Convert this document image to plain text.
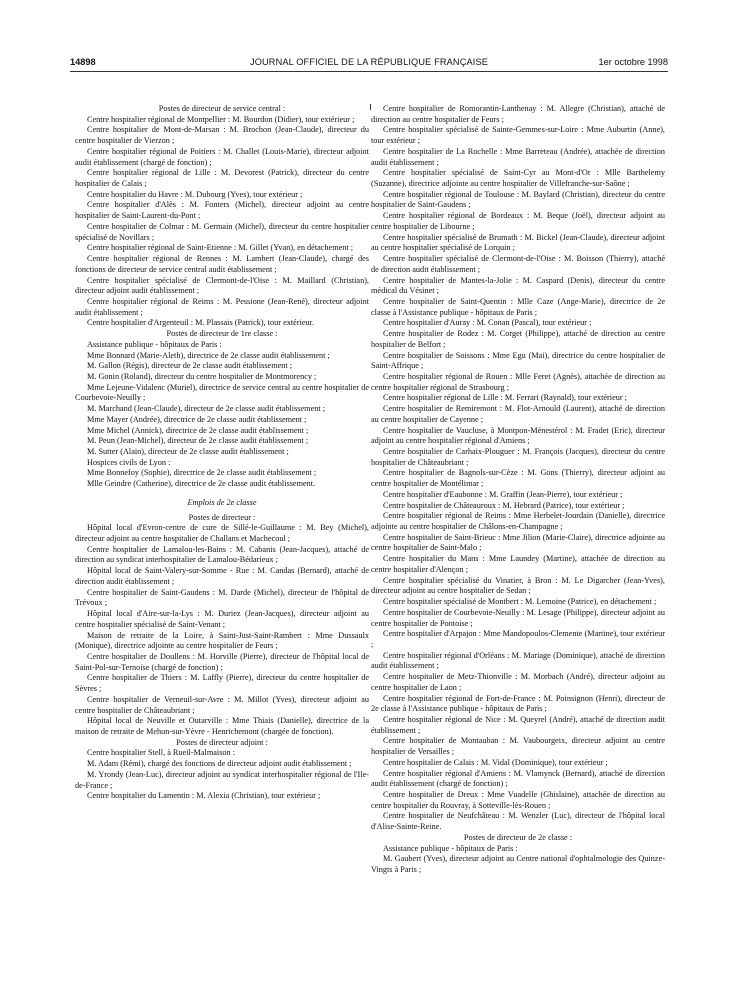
14898	JOURNAL OFFICIEL DE LA RÉPUBLIQUE FRANÇAISE	1er octobre 1998

Postes de directeur de service central :

Centre hospitalier régional de Montpellier : M. Bourdon (Didier), tour extérieur ;

Centre hospitalier de Mont-de-Marsan : M. Brochon (Jean-Claude), directeur du centre hospitalier de Vierzon ;

Centre hospitalier régional de Poitiers : M. Challet (Louis-Marie), directeur adjoint audit établissement (chargé de fonction) ;

Centre hospitalier régional de Lille : M. Devorest (Patrick), directeur du centre hospitalier de Calais ;

Centre hospitalier du Havre : M. Dubourg (Yves), tour extérieur ;

Centre hospitalier d'Alès : M. Fonters (Michel), directeur adjoint au centre hospitalier de Saint-Laurent-du-Pont ;

Centre hospitalier de Colmar : M. Germain (Michel), directeur du centre hospitalier spécialisé de Novillars ;

Centre hospitalier régional de Saint-Etienne : M. Gillet (Yvan), en détachement ;

Centre hospitalier régional de Rennes : M. Lambert (Jean-Claude), chargé des fonctions de directeur de service central audit établissement ;

Centre hospitalier spécialisé de Clermont-de-l'Oise : M. Maillard (Christian), directeur adjoint audit établissement ;

Centre hospitalier régional de Reims : M. Pessione (Jean-René), directeur adjoint audit établissement ;

Centre hospitalier d'Argenteuil : M. Plassais (Patrick), tour extérieur.

Postes de directeur de 1re classe :

Assistance publique - hôpitaux de Paris :

Mme Bonnard (Marie-Aleth), directrice de 2e classe audit établissement ;

M. Gallon (Régis), directeur de 2e classe audit établissement ;

M. Gonin (Roland), directeur du centre hospitalier de Montmorency ;

Mme Lejeune-Vidalenc (Muriel), directrice de service central au centre hospitalier de Courbevoie-Neuilly ;

M. Marchand (Jean-Claude), directeur de 2e classe audit établissement ;

Mme Mayer (Andrée), directrice de 2e classe audit établissement ;

Mme Michel (Annick), directrice de 2e classe audit établissement ;

M. Peun (Jean-Michel), directeur de 2e classe audit établissement ;

M. Sutter (Alain), directeur de 2e classe audit établissement ;

Hospices civils de Lyon :

Mme Bonnefoy (Sophie), directrice de 2e classe audit établissement ;

Mlle Geindre (Catherine), directrice de 2e classe audit établissement.

Emplois de 2e classe

Postes de directeur :

Hôpital local d'Evron-centre de cure de Sillé-le-Guillaume : M. Bey (Michel), directeur adjoint au centre hospitalier de Challans et Machecoul ;

Centre hospitalier de Lamalou-les-Bains : M. Cabanis (Jean-Jacques), attaché de direction au syndicat interhospitalier de Lamalou-Bédarieux ;

Hôpital local de Saint-Valery-sur-Somme - Rue : M. Candas (Bernard), attaché de direction audit établissement ;

Centre hospitalier de Saint-Gaudens : M. Darde (Michel), directeur de l'hôpital de Trévoux ;

Hôpital local d'Aire-sur-la-Lys : M. Duriez (Jean-Jacques), directeur adjoint au centre hospitalier spécialisé de Saint-Venant ;

Maison de retraite de la Loire, à Saint-Just-Saint-Rambert : Mme Dussaulx (Monique), directrice adjointe au centre hospitalier de Feurs ;

Centre hospitalier de Doullens : M. Horville (Pierre), directeur de l'hôpital local de Saint-Pol-sur-Ternoise (chargé de fonction) ;

Centre hospitalier de Thiers : M. Laffly (Pierre), directeur du centre hospitalier de Sèvres ;

Centre hospitalier de Verneuil-sur-Avre : M. Millot (Yves), directeur adjoint au centre hospitalier de Châteaubriant ;

Hôpital local de Neuville et Outarville : Mme Thiais (Danielle), directrice de la maison de retraite de Mehun-sur-Yèvre - Henrichemont (chargée de fonction).

Postes de directeur adjoint :

Centre hospitalier Stell, à Rueil-Malmaison :

M. Adam (Rémi), chargé des fonctions de directeur adjoint audit établissement ;

M. Yrondy (Jean-Luc), directeur adjoint au syndicat interhospitalier régional de l'Ile-de-France ;

Centre hospitalier du Lamentin : M. Alexia (Christian), tour extérieur ;

Centre hospitalier de Romorantin-Lanthenay : M. Allegre (Christian), attaché de direction au centre hospitalier de Feurs ;

Centre hospitalier spécialisé de Sainte-Gemmes-sur-Loire : Mme Auburtin (Anne), tour extérieur ;

Centre hospitalier de La Rochelle : Mme Barreteau (Andrée), attachée de direction audit établissement ;

Centre hospitalier spécialisé de Saint-Cyr au Mont-d'Or : Mlle Barthelemy (Suzanne), directrice adjointe au centre hospitalier de Villefranche-sur-Saône ;

Centre hospitalier régional de Toulouse : M. Baylard (Christian), directeur du centre hospitalier de Saint-Gaudens ;

Centre hospitalier régional de Bordeaux : M. Beque (Joël), directeur adjoint au centre hospitalier de Libourne ;

Centre hospitalier spécialisé de Brumath : M. Bickel (Jean-Claude), directeur adjoint au centre hospitalier spécialisé de Lorquin ;

Centre hospitalier spécialisé de Clermont-de-l'Oise : M. Boisson (Thierry), attaché de direction audit établissement ;

Centre hospitalier de Mantes-la-Jolie : M. Caspard (Denis), directeur du centre médical du Vésinet ;

Centre hospitalier de Saint-Quentin : Mlle Caze (Ange-Marie), directrice de 2e classe à l'Assistance publique - hôpitaux de Paris ;

Centre hospitalier d'Auray : M. Conan (Pascal), tour extérieur ;

Centre hospitalier de Rodez : M. Corget (Philippe), attaché de direction au centre hospitalier de Belfort ;

Centre hospitalier de Soissons : Mme Egu (Mai), directrice du centre hospitalier de Saint-Affrique ;

Centre hospitalier régional de Rouen : Mlle Feret (Agnès), attachée de direction au centre hospitalier régional de Strasbourg ;

Centre hospitalier régional de Lille : M. Ferrari (Raynald), tour extérieur ;

Centre hospitalier de Remiremont : M. Flot-Arnould (Laurent), attaché de direction au centre hospitalier de Cayenne ;

Centre hospitalier de Vaucluse, à Montpon-Ménestérol : M. Fradet (Eric), directeur adjoint au centre hospitalier régional d'Amiens ;

Centre hospitalier de Carhaix-Plouguer : M. François (Jacques), directeur du centre hospitalier de Châteaubriant ;

Centre hospitalier de Bagnols-sur-Cèze : M. Gons (Thierry), directeur adjoint au centre hospitalier de Montélimar ;

Centre hospitalier d'Eaubonne : M. Graffin (Jean-Pierre), tour extérieur ;

Centre hospitalier de Châteauroux : M. Hebrard (Patrice), tour extérieur ;

Centre hospitalier régional de Reims : Mme Herbelet-Jourdain (Danielle), directrice adjointe au centre hospitalier de Châlons-en-Champagne ;

Centre hospitalier de Saint-Brieuc : Mme Jilion (Marie-Claire), directrice adjointe au centre hospitalier de Saint-Malo ;

Centre hospitalier du Mans : Mme Laundey (Martine), attachée de direction au centre hospitalier d'Alençon ;

Centre hospitalier spécialisé du Vinatier, à Bron : M. Le Digarcher (Jean-Yves), directeur adjoint au centre hospitalier de Sedan ;

Centre hospitalier spécialisé de Montbert : M. Lemoine (Patrice), en détachement ;

Centre hospitalier de Courbevoie-Neuilly : M. Lesage (Philippe), directeur adjoint au centre hospitalier de Pontoise ;

Centre hospitalier d'Arpajon : Mme Mandopoulos-Clemente (Martine), tour extérieur ;

Centre hospitalier régional d'Orléans : M. Mariage (Dominique), attaché de direction audit établissement ;

Centre hospitalier de Metz-Thionville : M. Morbach (André), directeur adjoint au centre hospitalier de Laon ;

Centre hospitalier régional de Fort-de-France : M. Poinsignon (Henri), directeur de 2e classe à l'Assistance publique - hôpitaux de Paris ;

Centre hospitalier régional de Nice : M. Queyrel (André), attaché de direction audit établissement ;

Centre hospitalier de Montauban : M. Vaubourgeix, directeur adjoint au centre hospitalier de Versailles ;

Centre hospitalier de Calais : M. Vidal (Dominique), tour extérieur ;

Centre hospitalier régional d'Amiens : M. Vlamynck (Bernard), attaché de direction audit établissement (chargé de fonction) ;

Centre hospitalier de Dreux : Mme Vuadelle (Ghislaine), attachée de direction au centre hospitalier du Rouvray, à Sotteville-lès-Rouen ;

Centre hospitalier de Neufchâteau : M. Wenzler (Luc), directeur de l'hôpital local d'Alise-Sainte-Reine.

Postes de directeur de 2e classe :

Assistance publique - hôpitaux de Paris :

M. Gaubert (Yves), directeur adjoint au Centre national d'ophtalmologie des Quinze-Vingts à Paris ;
